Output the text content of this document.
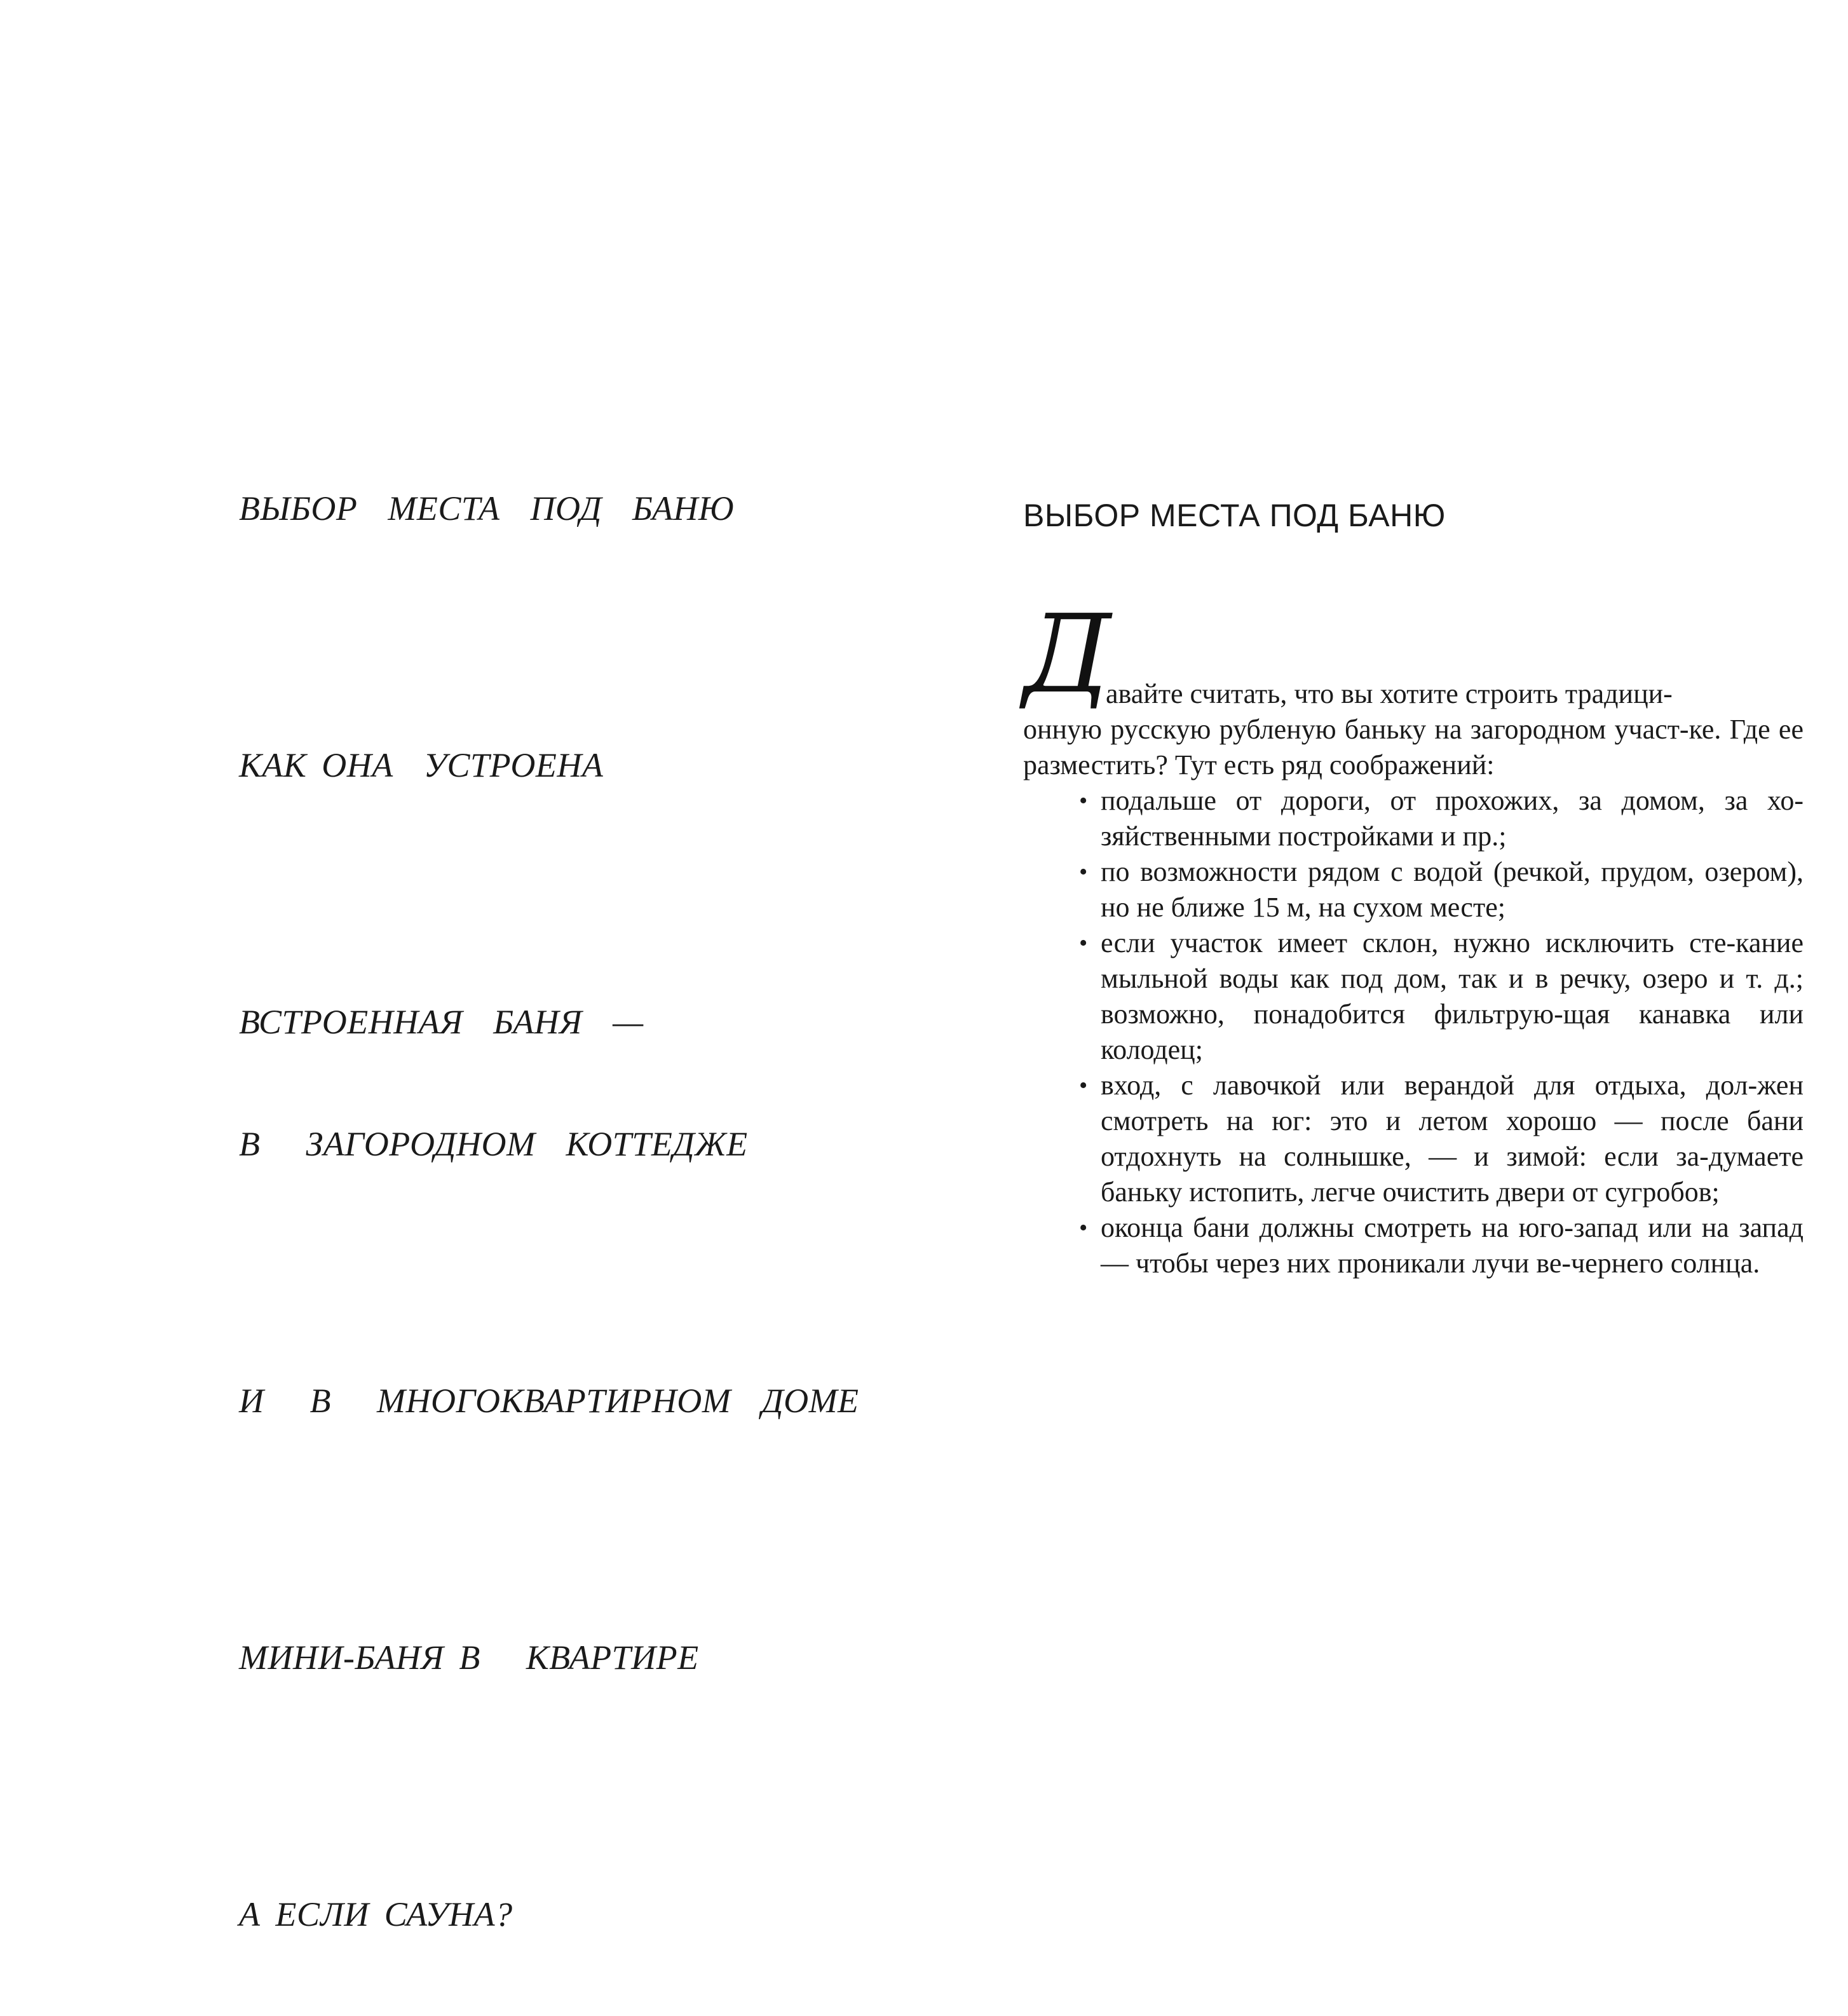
ВЫБОР  МЕСТА  ПОД  БАНЮ

КАК ОНА  УСТРОЕНА

ВСТРОЕННАЯ  БАНЯ  —

В   ЗАГОРОДНОМ  КОТТЕДЖЕ

И   В   МНОГОКВАРТИРНОМ  ДОМЕ

МИНИ-БАНЯ В   КВАРТИРЕ

А ЕСЛИ САУНА?

ВЫБОР МЕСТА ПОД БАНЮ
Д

авайте считать, что вы хотите строить традици-
онную русскую рубленую баньку на загородном участ-ке. Где ее разместить? Тут есть ряд соображений:

• подальше от дороги, от прохожих, за домом, за хо-зяйственными постройками и пр.;
• по возможности рядом с водой (речкой, прудом, озером), но не ближе 15 м, на сухом месте;
• если участок имеет склон, нужно исключить сте-кание мыльной воды как под дом, так и в речку, озеро и т. д.; возможно, понадобится фильтрую-щая канавка или колодец;
• вход, с лавочкой или верандой для отдыха, дол-жен смотреть на юг: это и летом хорошо — после бани отдохнуть на солнышке, — и зимой: если за-думаете баньку истопить, легче очистить двери от сугробов;
• оконца бани должны смотреть на юго-запад или на запад — чтобы через них проникали лучи ве-чернего солнца.
